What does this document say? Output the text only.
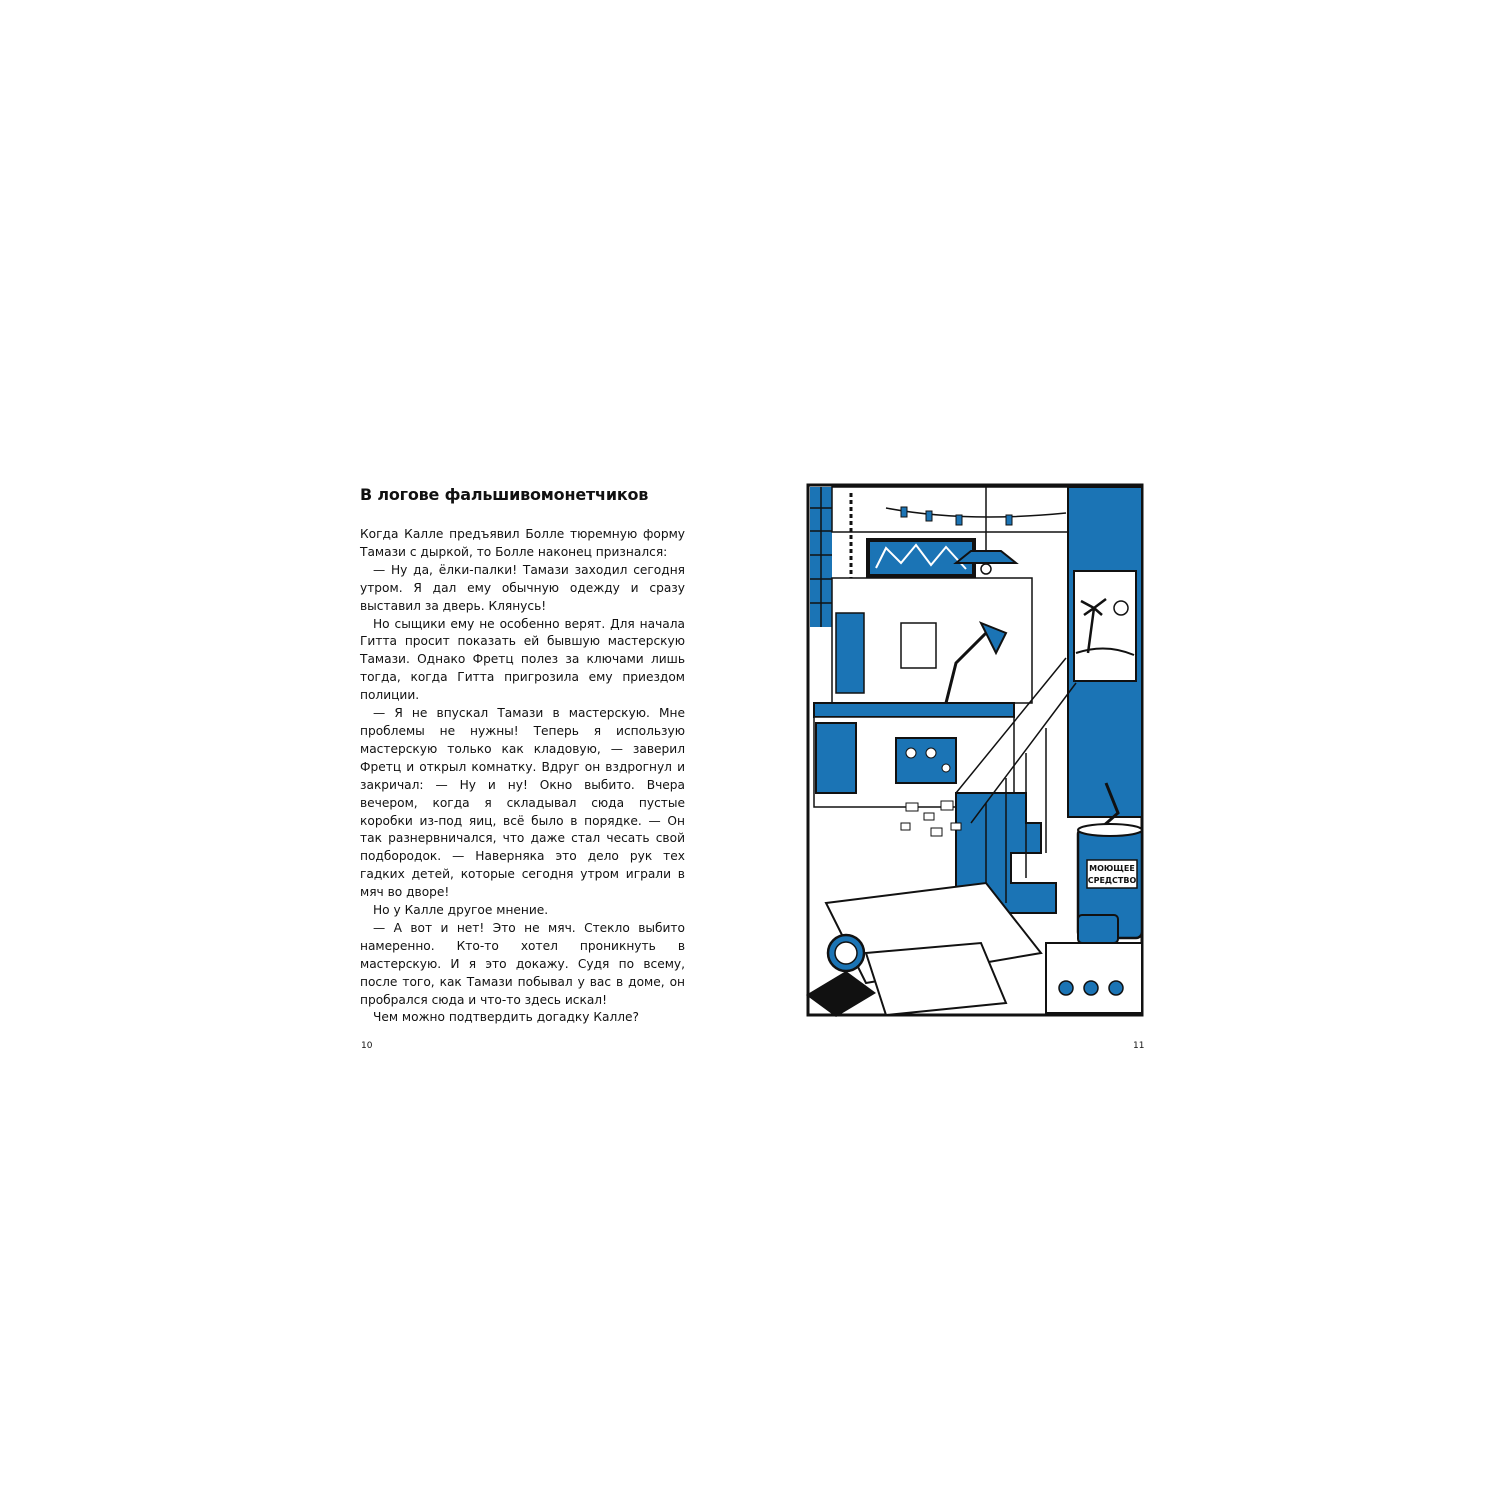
В логове фальшивомонетчиков

Когда Калле предъявил Болле тюремную форму Тамази с дыркой, то Болле наконец признался:

— Ну да, ёлки-палки! Тамази заходил сегодня утром. Я дал ему обычную одежду и сразу выставил за дверь. Клянусь!

Но сыщики ему не особенно верят. Для начала Гитта просит показать ей бывшую мастерскую Тамази. Однако Фретц полез за ключами лишь тогда, когда Гитта пригрозила ему приездом полиции.

— Я не впускал Тамази в мастерскую. Мне проблемы не нужны! Теперь я использую мастерскую только как кладовую, — заверил Фретц и открыл комнатку. Вдруг он вздрогнул и закричал: — Ну и ну! Окно выбито. Вчера вечером, когда я складывал сюда пустые коробки из-под яиц, всё было в порядке. — Он так разнервничался, что даже стал чесать свой подбородок. — Наверняка это дело рук тех гадких детей, которые сегодня утром играли в мяч во дворе!

Но у Калле другое мнение.

— А вот и нет! Это не мяч. Стекло выбито намеренно. Кто-то хотел проникнуть в мастерскую. И я это докажу. Судя по всему, после того, как Тамази побывал у вас в доме, он пробрался сюда и что-то здесь искал!

Чем можно подтвердить догадку Калле?

10	11
МОЮЩЕЕ
СРЕДСТВО
